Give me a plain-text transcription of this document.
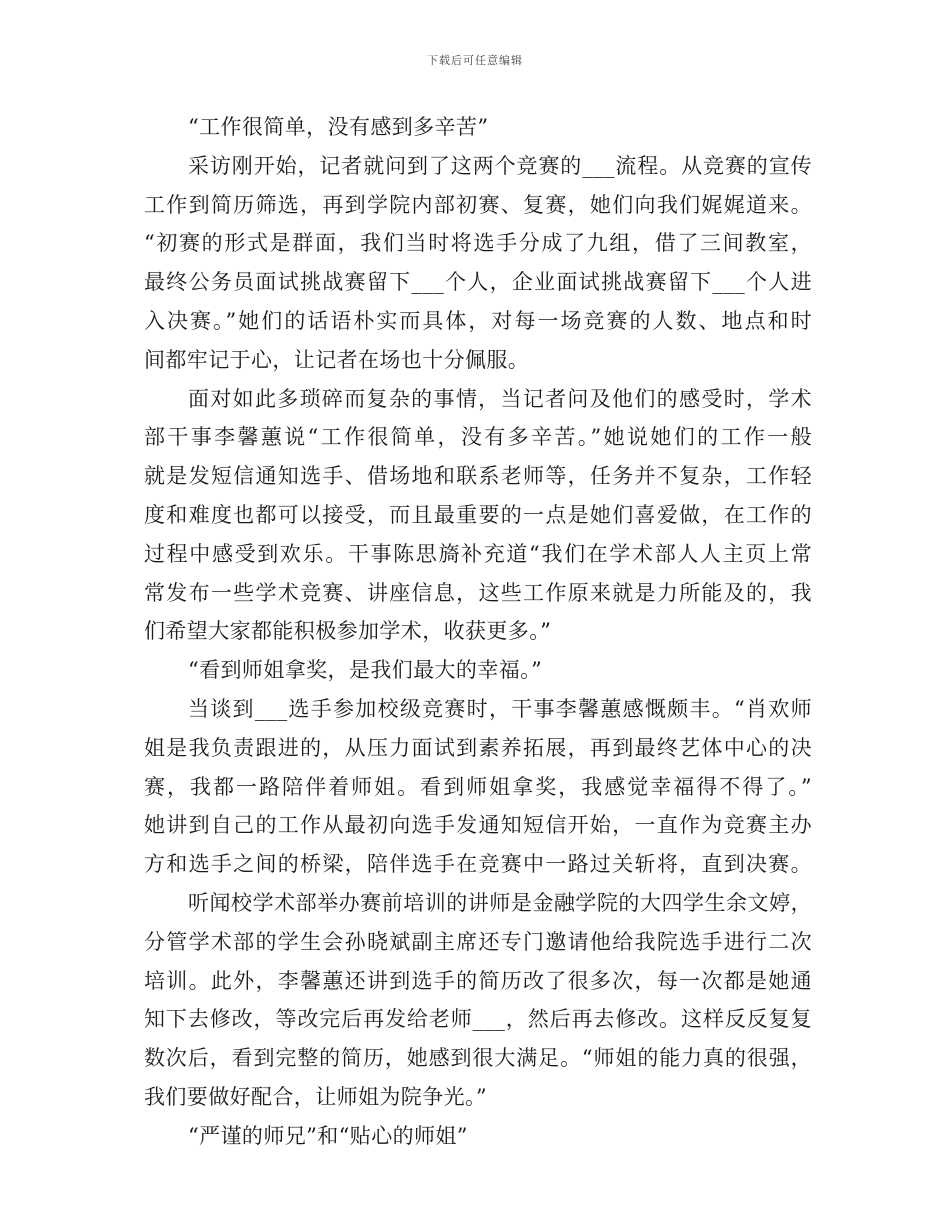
下载后可任意编辑
“工作很简单，没有感到多辛苦”
采访刚开始，记者就问到了这两个竞赛的___流程。从竞赛的宣传
工作到简历筛选，再到学院内部初赛、复赛，她们向我们娓娓道来。
“初赛的形式是群面，我们当时将选手分成了九组，借了三间教室，
最终公务员面试挑战赛留下___个人，企业面试挑战赛留下___个人进
入决赛。”她们的话语朴实而具体，对每一场竞赛的人数、地点和时
间都牢记于心，让记者在场也十分佩服。
面对如此多琐碎而复杂的事情，当记者问及他们的感受时，学术
部干事李馨蕙说“工作很简单，没有多辛苦。”她说她们的工作一般
就是发短信通知选手、借场地和联系老师等，任务并不复杂，工作轻
度和难度也都可以接受，而且最重要的一点是她们喜爱做，在工作的
过程中感受到欢乐。干事陈思旖补充道“我们在学术部人人主页上常
常发布一些学术竞赛、讲座信息，这些工作原来就是力所能及的，我
们希望大家都能积极参加学术，收获更多。”
“看到师姐拿奖，是我们最大的幸福。”
当谈到___选手参加校级竞赛时，干事李馨蕙感慨颇丰。“肖欢师
姐是我负责跟进的，从压力面试到素养拓展，再到最终艺体中心的决
赛，我都一路陪伴着师姐。看到师姐拿奖，我感觉幸福得不得了。”
她讲到自己的工作从最初向选手发通知短信开始，一直作为竞赛主办
方和选手之间的桥梁，陪伴选手在竞赛中一路过关斩将，直到决赛。
听闻校学术部举办赛前培训的讲师是金融学院的大四学生余文婷，
分管学术部的学生会孙晓斌副主席还专门邀请他给我院选手进行二次
培训。此外，李馨蕙还讲到选手的简历改了很多次，每一次都是她通
知下去修改，等改完后再发给老师___，然后再去修改。这样反反复复
数次后，看到完整的简历，她感到很大满足。“师姐的能力真的很强，
我们要做好配合，让师姐为院争光。”
“严谨的师兄”和“贴心的师姐”
